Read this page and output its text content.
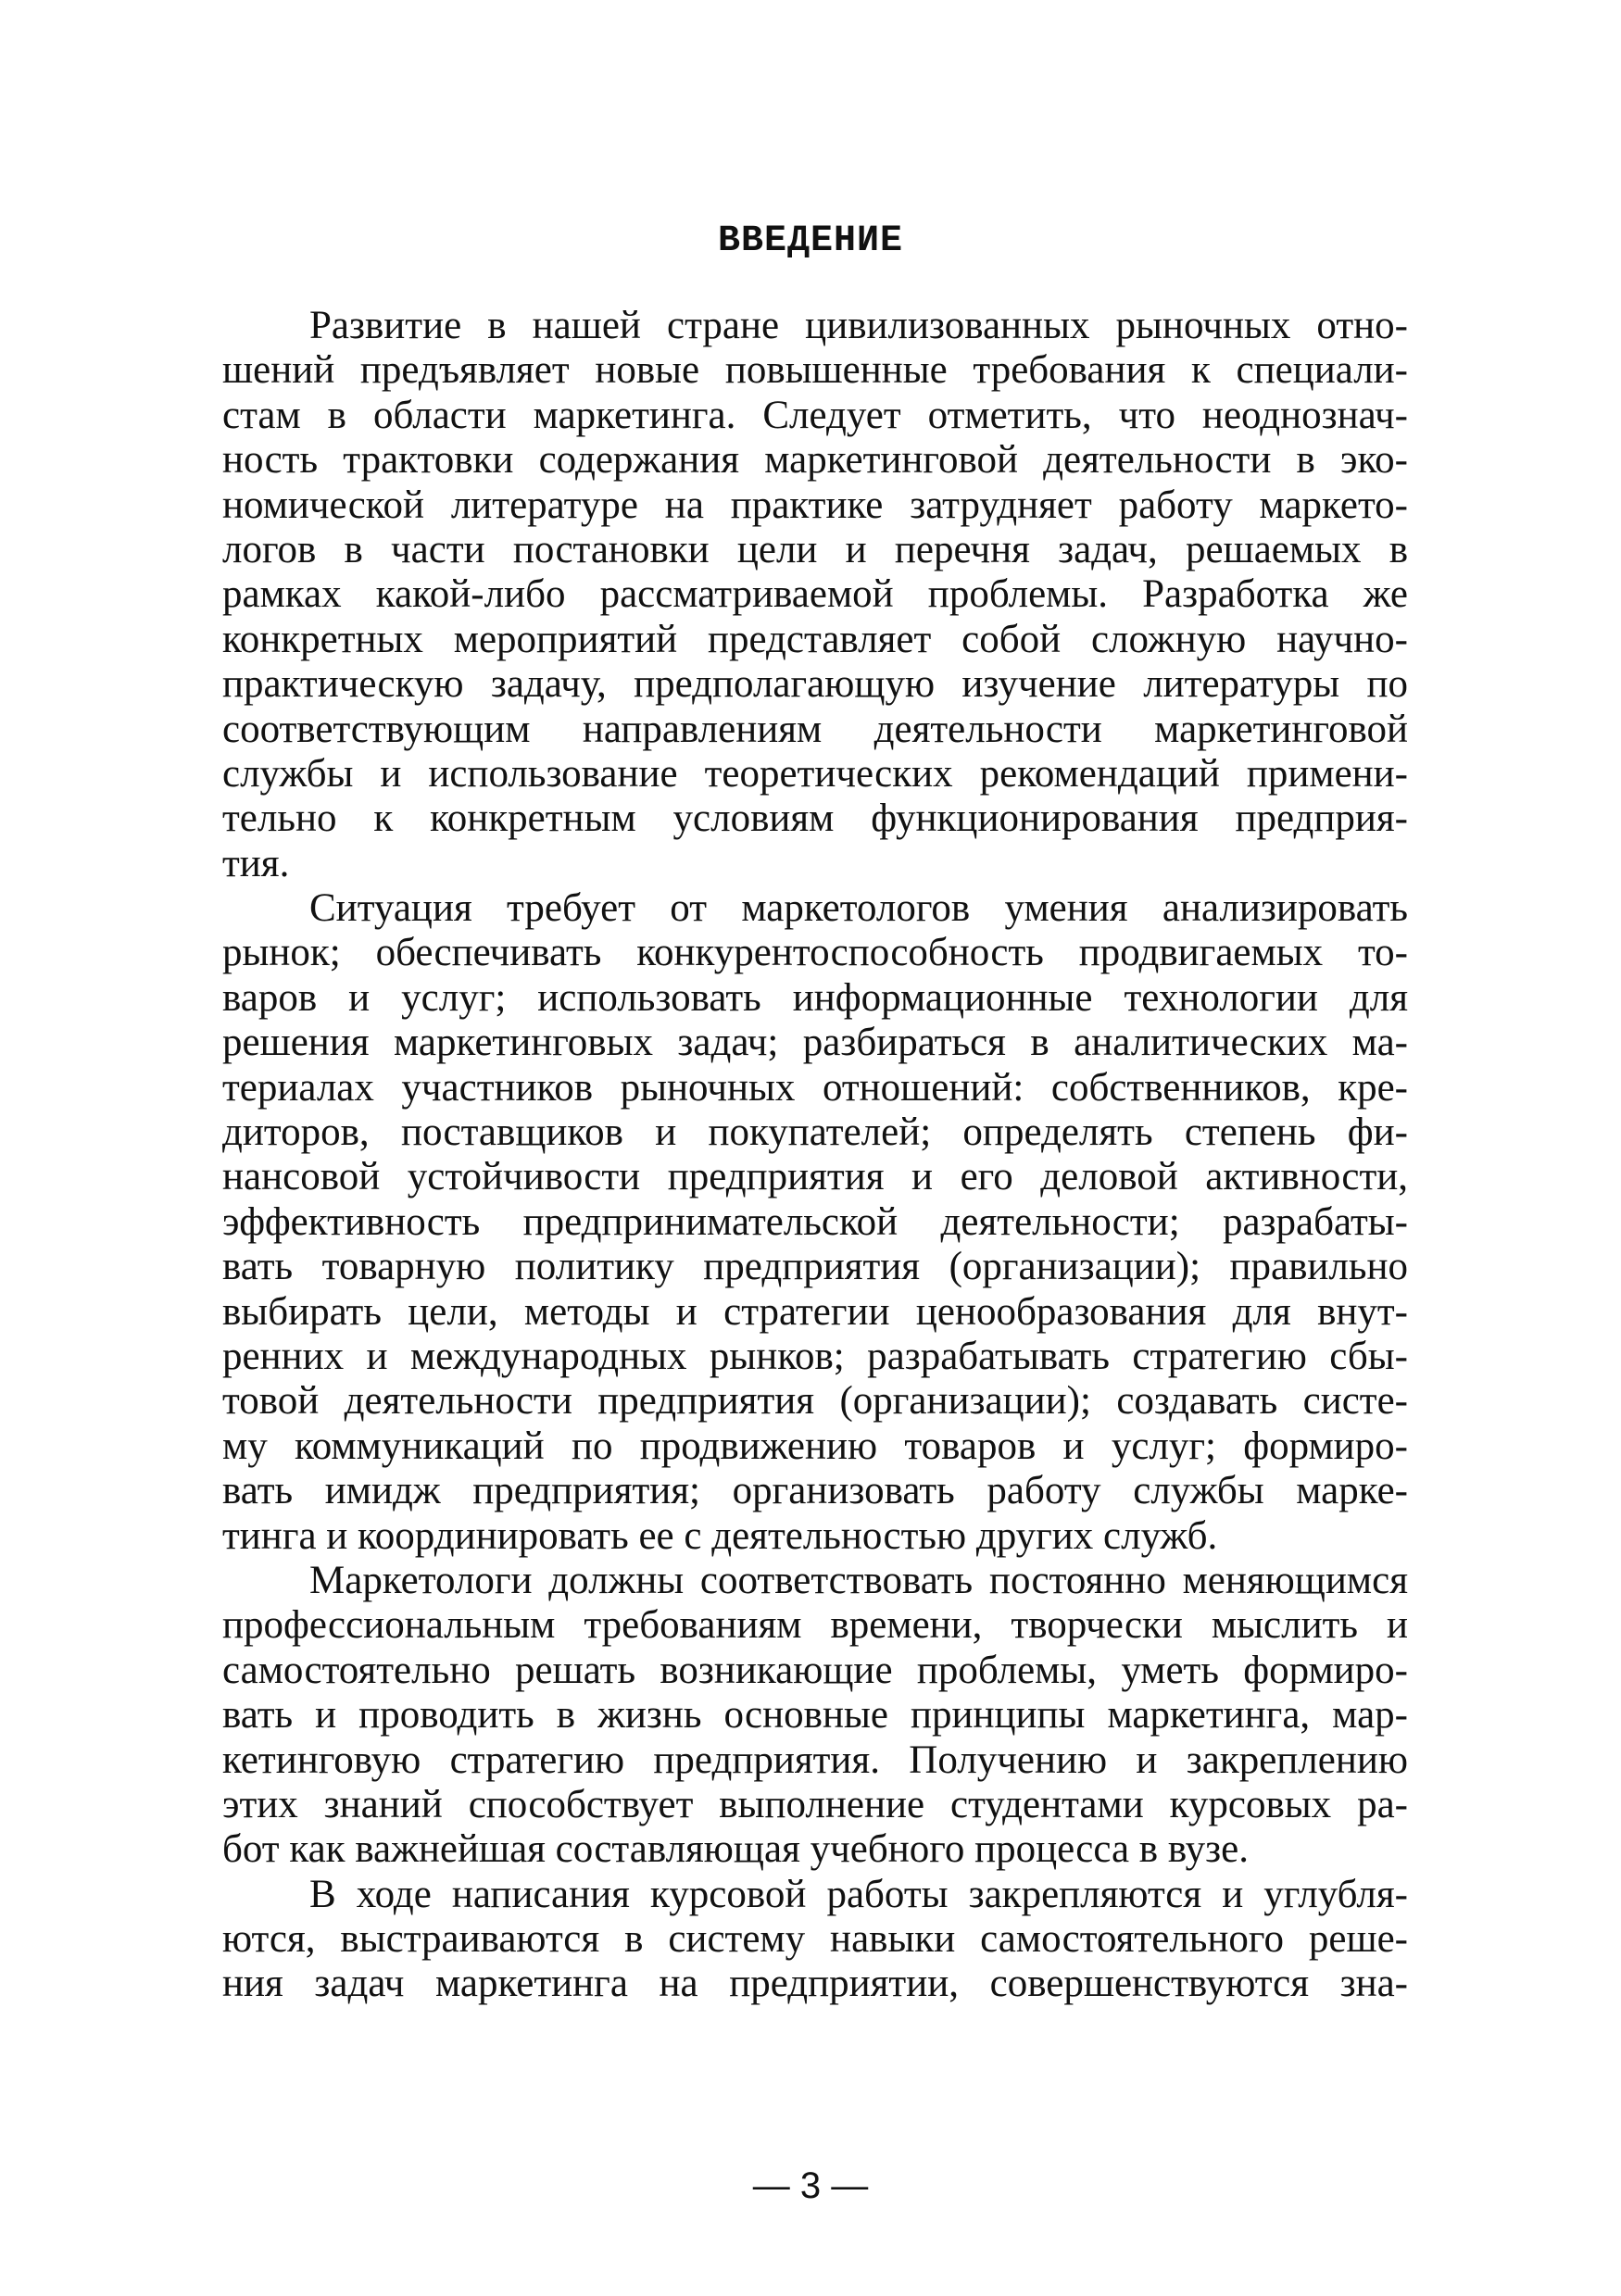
ВВЕДЕНИЕ
Развитие в нашей стране цивилизованных рыночных отно-
шений предъявляет новые повышенные требования к специали-
стам в области маркетинга. Следует отметить, что неоднознач-
ность трактовки содержания маркетинговой деятельности в эко-
номической литературе на практике затрудняет работу маркето-
логов в части постановки цели и перечня задач, решаемых в
рамках какой-либо рассматриваемой проблемы. Разработка же
конкретных мероприятий представляет собой сложную научно-
практическую задачу, предполагающую изучение литературы по
соответствующим направлениям деятельности маркетинговой
службы и использование теоретических рекомендаций примени-
тельно к конкретным условиям функционирования предприя-
тия.
Ситуация требует от маркетологов умения анализировать
рынок; обеспечивать конкурентоспособность продвигаемых то-
варов и услуг; использовать информационные технологии для
решения маркетинговых задач; разбираться в аналитических ма-
териалах участников рыночных отношений: собственников, кре-
диторов, поставщиков и покупателей; определять степень фи-
нансовой устойчивости предприятия и его деловой активности,
эффективность предпринимательской деятельности; разрабаты-
вать товарную политику предприятия (организации); правильно
выбирать цели, методы и стратегии ценообразования для внут-
ренних и международных рынков; разрабатывать стратегию сбы-
товой деятельности предприятия (организации); создавать систе-
му коммуникаций по продвижению товаров и услуг; формиро-
вать имидж предприятия; организовать работу службы марке-
тинга и координировать ее с деятельностью других служб.
Маркетологи должны соответствовать постоянно меняющимся
профессиональным требованиям времени, творчески мыслить и
самостоятельно решать возникающие проблемы, уметь формиро-
вать и проводить в жизнь основные принципы маркетинга, мар-
кетинговую стратегию предприятия. Получению и закреплению
этих знаний способствует выполнение студентами курсовых ра-
бот как важнейшая составляющая учебного процесса в вузе.
В ходе написания курсовой работы закрепляются и углубля-
ются, выстраиваются в систему навыки самостоятельного реше-
ния задач маркетинга на предприятии, совершенствуются зна-
— 3 —
